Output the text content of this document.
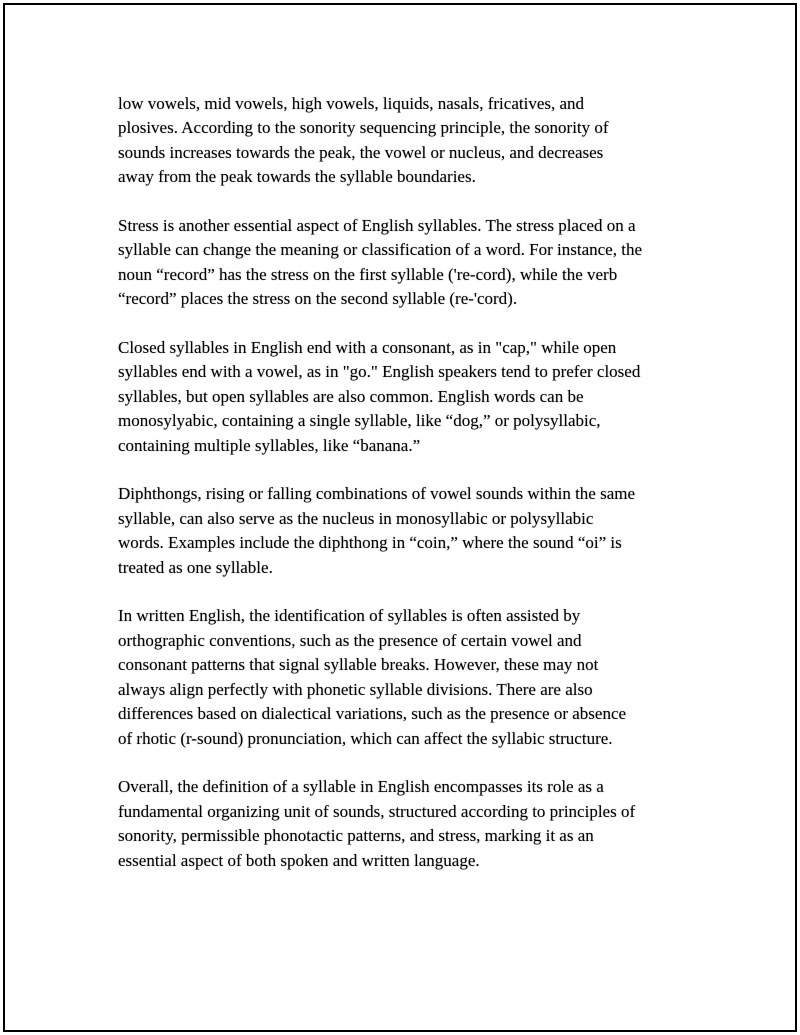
low vowels, mid vowels, high vowels, liquids, nasals, fricatives, and
plosives. According to the sonority sequencing principle, the sonority of
sounds increases towards the peak, the vowel or nucleus, and decreases
away from the peak towards the syllable boundaries.

Stress is another essential aspect of English syllables. The stress placed on a
syllable can change the meaning or classification of a word. For instance, the
noun “record” has the stress on the first syllable ('re-cord), while the verb
“record” places the stress on the second syllable (re-'cord).

Closed syllables in English end with a consonant, as in "cap," while open
syllables end with a vowel, as in "go." English speakers tend to prefer closed
syllables, but open syllables are also common. English words can be
monosylyabic, containing a single syllable, like “dog,” or polysyllabic,
containing multiple syllables, like “banana.”

Diphthongs, rising or falling combinations of vowel sounds within the same
syllable, can also serve as the nucleus in monosyllabic or polysyllabic
words. Examples include the diphthong in “coin,” where the sound “oi” is
treated as one syllable.

In written English, the identification of syllables is often assisted by
orthographic conventions, such as the presence of certain vowel and
consonant patterns that signal syllable breaks. However, these may not
always align perfectly with phonetic syllable divisions. There are also
differences based on dialectical variations, such as the presence or absence
of rhotic (r-sound) pronunciation, which can affect the syllabic structure.

Overall, the definition of a syllable in English encompasses its role as a
fundamental organizing unit of sounds, structured according to principles of
sonority, permissible phonotactic patterns, and stress, marking it as an
essential aspect of both spoken and written language.
